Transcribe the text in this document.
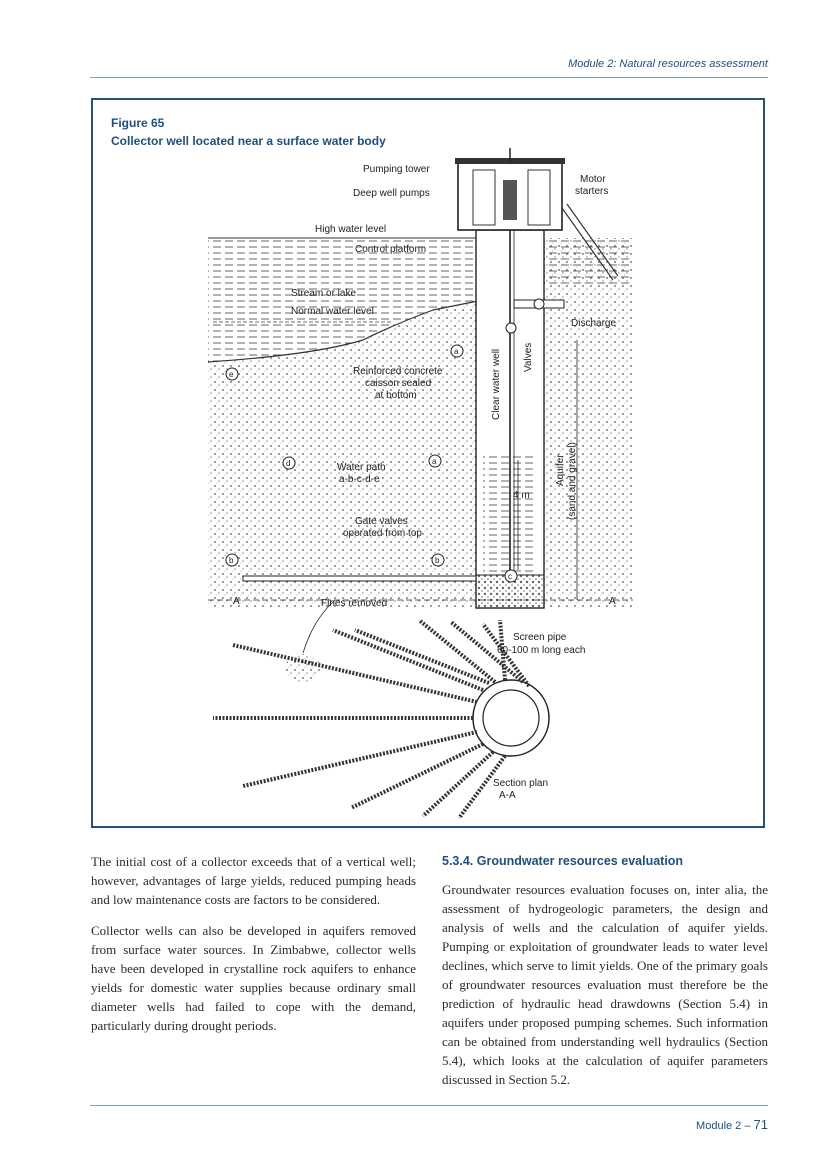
Module 2: Natural resources assessment
Figure 65
Collector well located near a surface water body
Pumping tower
Deep well pumps
Motor
starters
High water level
Control platform
Stream or lake
Normal water level
Discharge
Reinforced concrete
caisson sealed
at bottom	Clear water well Valves
Aquifer (sand and gravel)
Water path
a-b-c-d-e
4 m
Gate valves
operated from top
Fines removed
A	A
Screen pipe
60-100 m long each
Section plan
A-A
a
e
d	a
b	b
c

The initial cost of a collector exceeds that of a vertical well; however, advantages of large yields, reduced pumping heads and low maintenance costs are factors to be considered.

Collector wells can also be developed in aquifers removed from surface water sources. In Zimbabwe, collector wells have been developed in crystalline rock aquifers to enhance yields for domestic water supplies because ordinary small diameter wells had failed to cope with the demand, particularly during drought periods.

5.3.4. Groundwater resources evaluation

Groundwater resources evaluation focuses on, inter alia, the assessment of hydrogeologic parameters, the design and analysis of wells and the calculation of aquifer yields. Pumping or exploitation of groundwater leads to water level declines, which serve to limit yields. One of the primary goals of groundwater resources evaluation must therefore be the prediction of hydraulic head drawdowns (Section 5.4) in aquifers under proposed pumping schemes. Such information can be obtained from understanding well hydraulics (Section 5.4), which looks at the calculation of aquifer parameters discussed in Section 5.2.

Module 2 – 71
